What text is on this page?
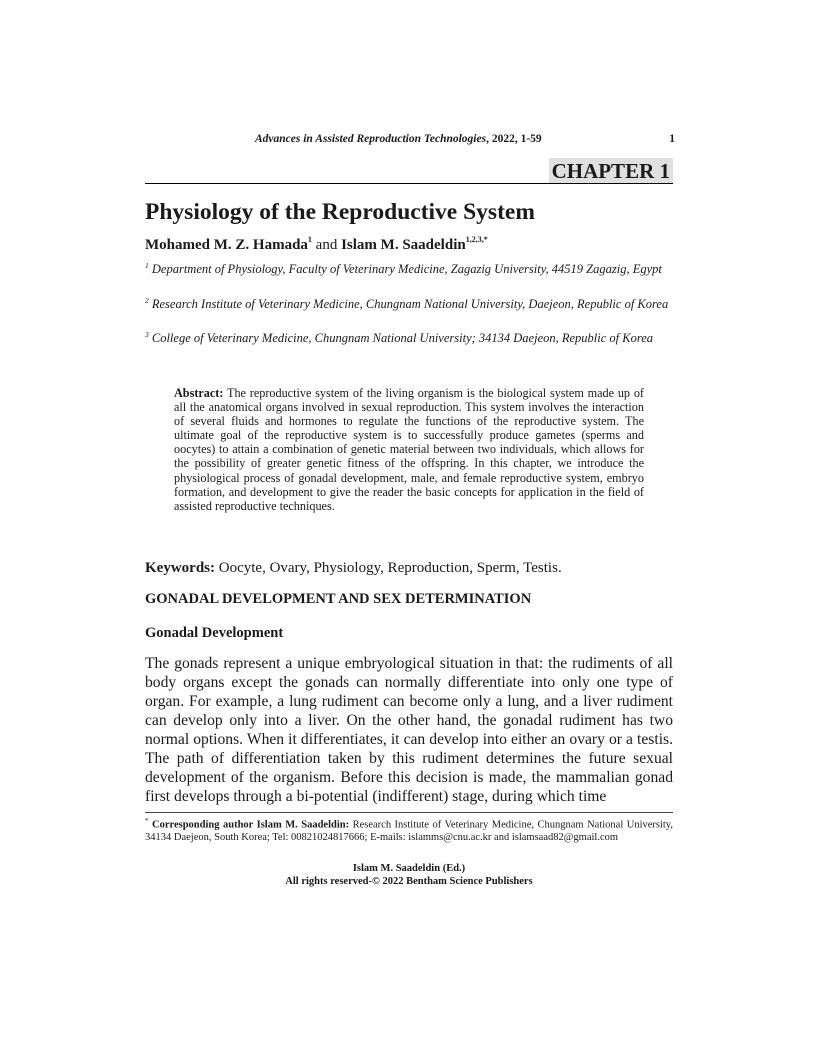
Advances in Assisted Reproduction Technologies, 2022, 1-59	1
CHAPTER 1
Physiology of the Reproductive System
Mohamed M. Z. Hamada$^1$ and Islam M. Saadeldin$^{1,2,3,*}$
$^1$ Department of Physiology, Faculty of Veterinary Medicine, Zagazig University, 44519 Zagazig, Egypt
$^2$ Research Institute of Veterinary Medicine, Chungnam National University, Daejeon, Republic of Korea
$^3$ College of Veterinary Medicine, Chungnam National University; 34134 Daejeon, Republic of Korea
Abstract: The reproductive system of the living organism is the biological system made up of all the anatomical organs involved in sexual reproduction. This system involves the interaction of several fluids and hormones to regulate the functions of the reproductive system. The ultimate goal of the reproductive system is to successfully produce gametes (sperms and oocytes) to attain a combination of genetic material between two individuals, which allows for the possibility of greater genetic fitness of the offspring. In this chapter, we introduce the physiological process of gonadal development, male, and female reproductive system, embryo formation, and development to give the reader the basic concepts for application in the field of assisted reproductive techniques.
Keywords: Oocyte, Ovary, Physiology, Reproduction, Sperm, Testis.
GONADAL DEVELOPMENT AND SEX DETERMINATION
Gonadal Development
The gonads represent a unique embryological situation in that: the rudiments of all body organs except the gonads can normally differentiate into only one type of organ. For example, a lung rudiment can become only a lung, and a liver rudiment can develop only into a liver. On the other hand, the gonadal rudiment has two normal options. When it differentiates, it can develop into either an ovary or a testis. The path of differentiation taken by this rudiment determines the future sexual development of the organism. Before this decision is made, the mammalian gonad first develops through a bi-potential (indifferent) stage, during which time
* Corresponding author Islam M. Saadeldin: Research Institute of Veterinary Medicine, Chungnam National University, 34134 Daejeon, South Korea; Tel: 00821024817666; E-mails: islamms@cnu.ac.kr and islamsaad82@gmail.com
Islam M. Saadeldin (Ed.)
All rights reserved-© 2022 Bentham Science Publishers
